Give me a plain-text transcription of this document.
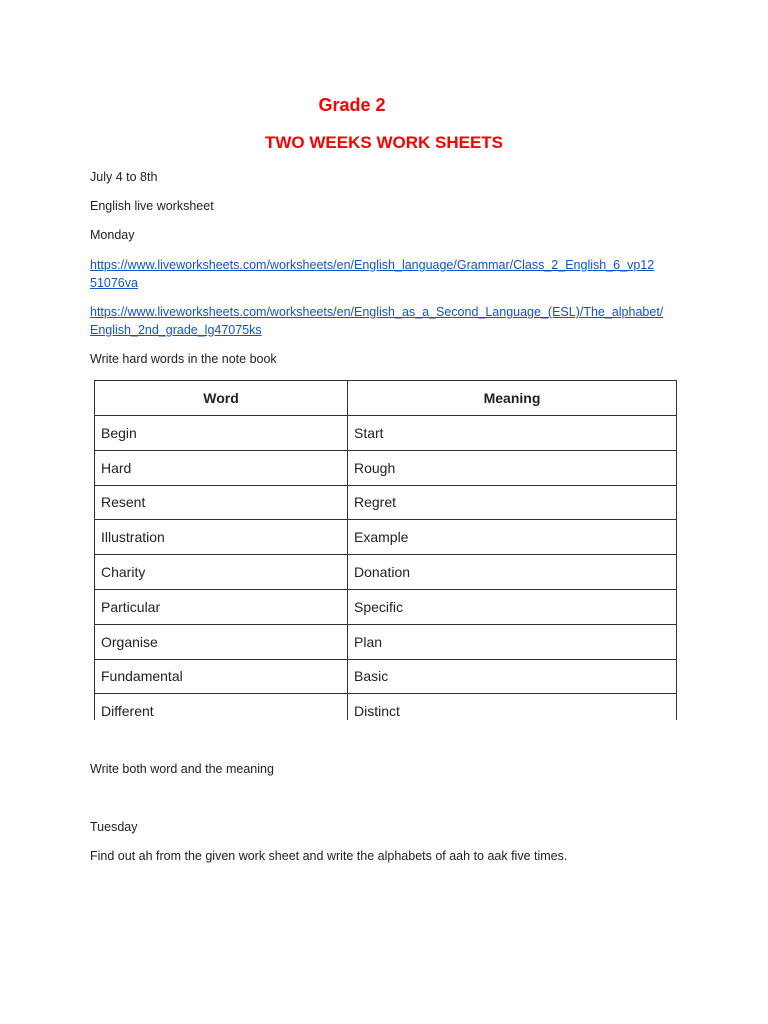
Grade 2
TWO WEEKS WORK SHEETS
July 4 to 8th
English live worksheet
Monday
https://www.liveworksheets.com/worksheets/en/English_language/Grammar/Class_2_English_6_vp12
51076va
https://www.liveworksheets.com/worksheets/en/English_as_a_Second_Language_(ESL)/The_alphabet/
English_2nd_grade_lg47075ks
Write hard words in the note book
Word	Meaning
Begin	Start
Hard	Rough
Resent	Regret
Illustration	Example
Charity	Donation
Particular	Specific
Organise	Plan
Fundamental	Basic
Different	Distinct
Write both word and the meaning
Tuesday
Find out ah from the given work sheet and write the alphabets of aah to aak five times.
